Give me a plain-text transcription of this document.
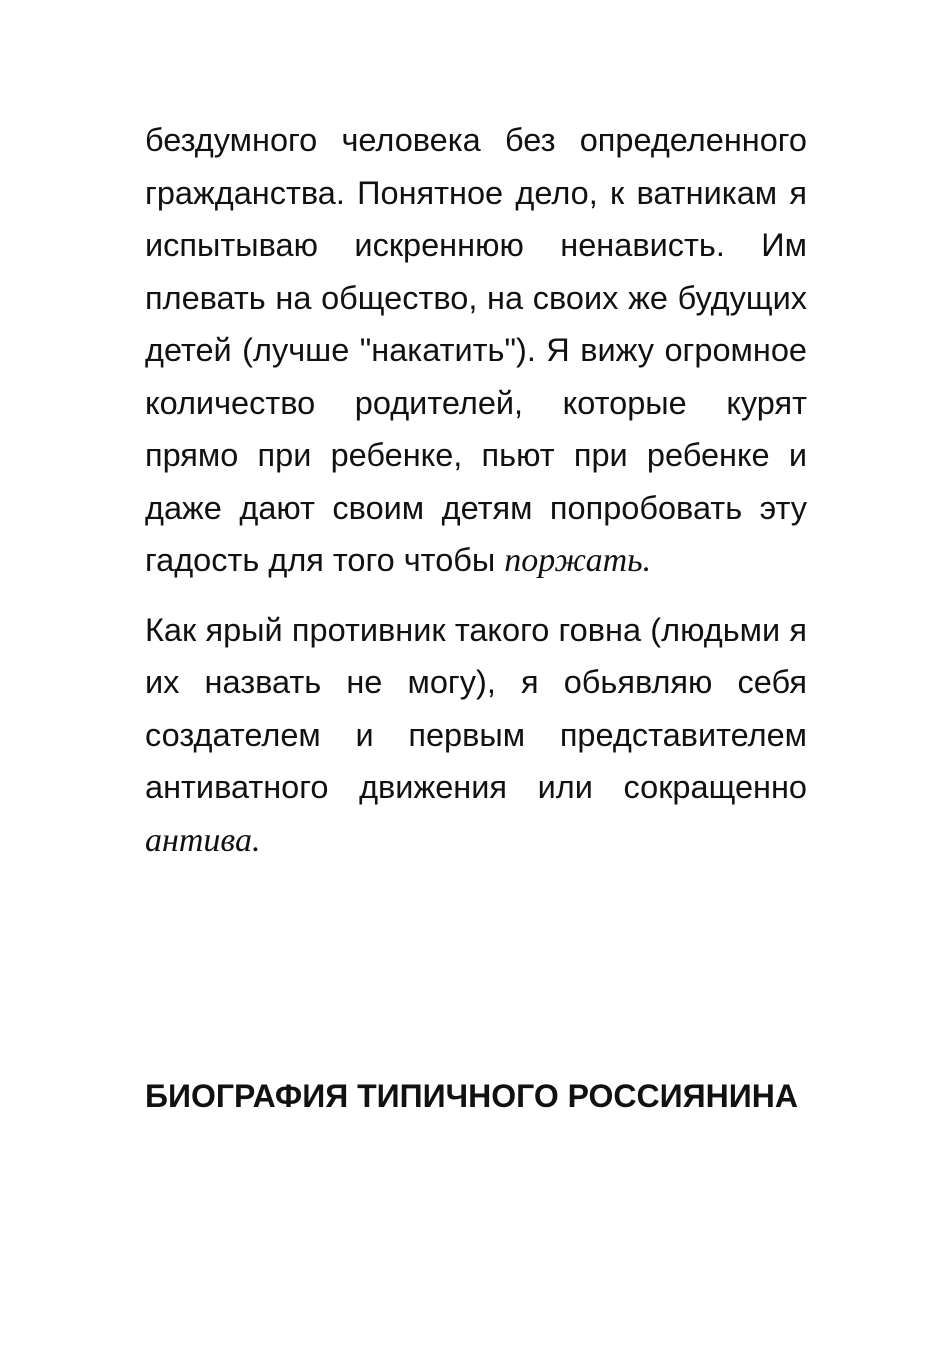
бездумного человека без определенного гражданства. Понятное дело, к ватникам я испытываю искреннюю ненависть. Им плевать на общество, на своих же будущих детей (лучше "накатить"). Я вижу огромное количество родителей, которые курят прямо при ребенке, пьют при ребенке и даже дают своим детям попробовать эту гадость для того чтобы поржать.

Как ярый противник такого говна (людьми я их назвать не могу), я обьявляю себя создателем и первым представителем антиватного движения или сокращенно антива.

БИОГРАФИЯ ТИПИЧНОГО РОССИЯНИНА
